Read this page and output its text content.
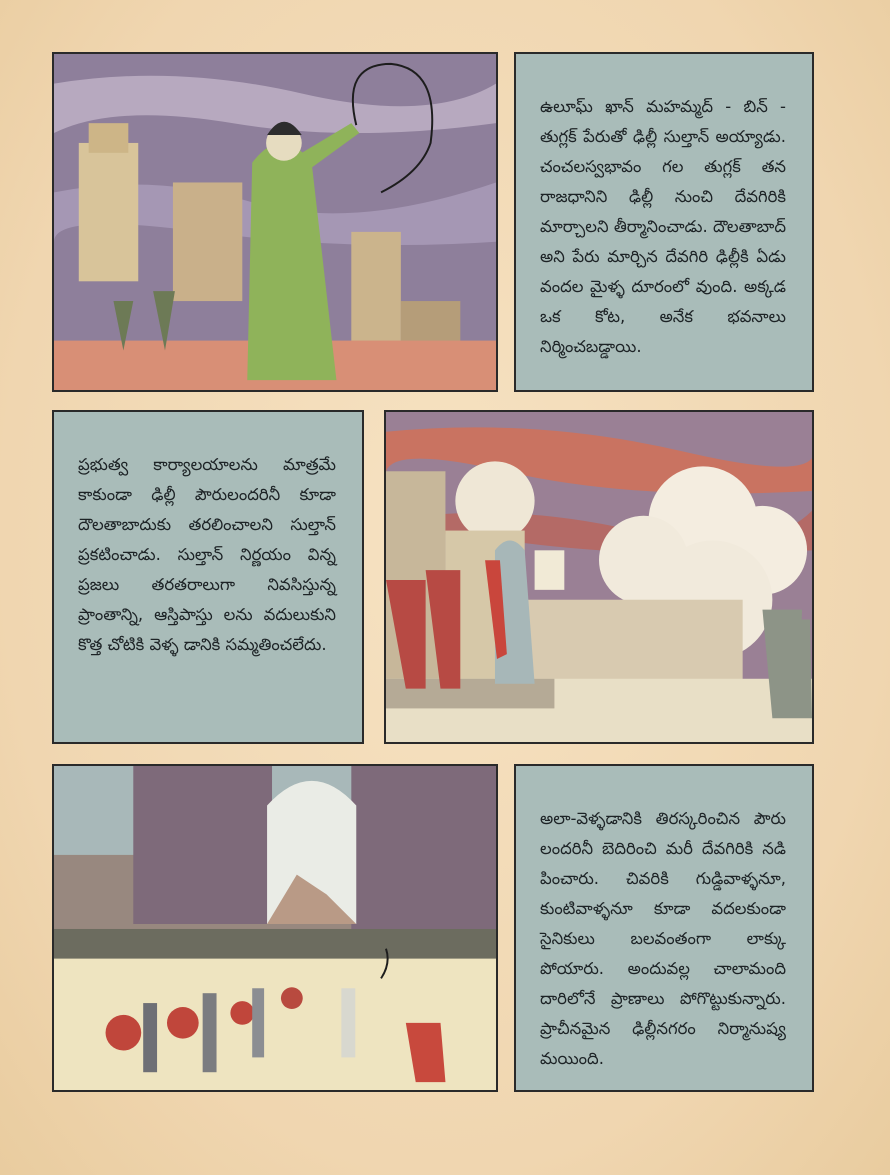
ఉలూఘ్ ఖాన్ మహమ్మద్ - బిన్ - తుగ్లక్ పేరుతో ఢిల్లీ సుల్తాన్ అయ్యాడు. చంచలస్వభావం గల తుగ్లక్ తన రాజధానిని ఢిల్లీ నుంచి దేవగిరికి మార్చాలని తీర్మానించాడు. దౌలతాబాద్ అని పేరు మార్చిన దేవగిరి ఢిల్లీకి ఏడు వందల మైళ్ళ దూరంలో వుంది. అక్కడ ఒక కోట, అనేక భవనాలు నిర్మించబడ్డాయి.

ప్రభుత్వ కార్యాలయాలను మాత్రమే కాకుండా ఢిల్లీ పౌరులందరినీ కూడా దౌలతాబాదుకు తరలించాలని సుల్తాన్ ప్రకటించాడు. సుల్తాన్ నిర్ణయం విన్న ప్రజలు తరతరాలుగా నివసిస్తున్న ప్రాంతాన్ని, ఆస్తిపాస్తు లను వదులుకుని కొత్త చోటికి వెళ్ళ డానికి సమ్మతించలేదు.

అలా-వెళ్ళడానికి తిరస్కరించిన పౌరు లందరినీ బెదిరించి మరీ దేవగిరికి నడి పించారు. చివరికి గుడ్డివాళ్ళనూ, కుంటివాళ్ళనూ కూడా వదలకుండా సైనికులు బలవంతంగా లాక్కు పోయారు. అందువల్ల చాలామంది దారిలోనే ప్రాణాలు పోగొట్టుకున్నారు. ప్రాచీనమైన ఢిల్లీనగరం నిర్మానుష్య మయింది.
